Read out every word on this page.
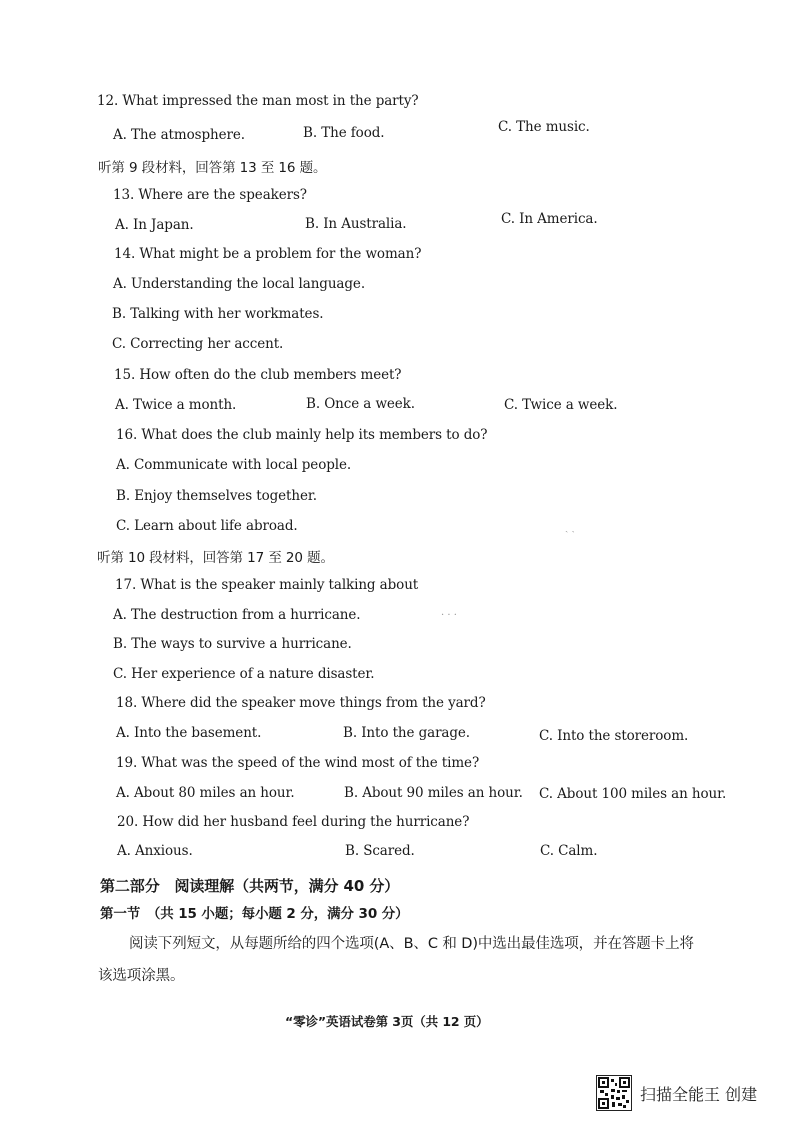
12. What impressed the man most in the party?
A. The atmosphere.	B. The food.	C. The music.
听第 9 段材料，回答第 13 至 16 题。
13. Where are the speakers?
A. In Japan.	B. In Australia.	C. In America.
14. What might be a problem for the woman?
A. Understanding the local language.
B. Talking with her workmates.
C. Correcting her accent.
15. How often do the club members meet?
A. Twice a month.	B. Once a week.	C. Twice a week.
16. What does the club mainly help its members to do?
A. Communicate with local people.
B. Enjoy themselves together.
C. Learn about life abroad.	ˎ ˏ
听第 10 段材料，回答第 17 至 20 题。
17. What is the speaker mainly talking about
A. The destruction from a hurricane.	· · ·
B. The ways to survive a hurricane.
C. Her experience of a nature disaster.
18. Where did the speaker move things from the yard?
A. Into the basement.	B. Into the garage.	C. Into the storeroom.
19. What was the speed of the wind most of the time?
A. About 80 miles an hour.	B. About 90 miles an hour. C. About 100 miles an hour.
20. How did her husband feel during the hurricane?
A. Anxious.	B. Scared.	C. Calm.
第二部分　阅读理解（共两节，满分 40 分）
第一节　（共 15 小题；每小题 2 分，满分 30 分）
阅读下列短文，从每题所给的四个选项(A、B、C 和 D)中选出最佳选项，并在答题卡上将
该选项涂黑。
“零诊”英语试卷第 3页（共 12 页）
扫描全能王 创建
